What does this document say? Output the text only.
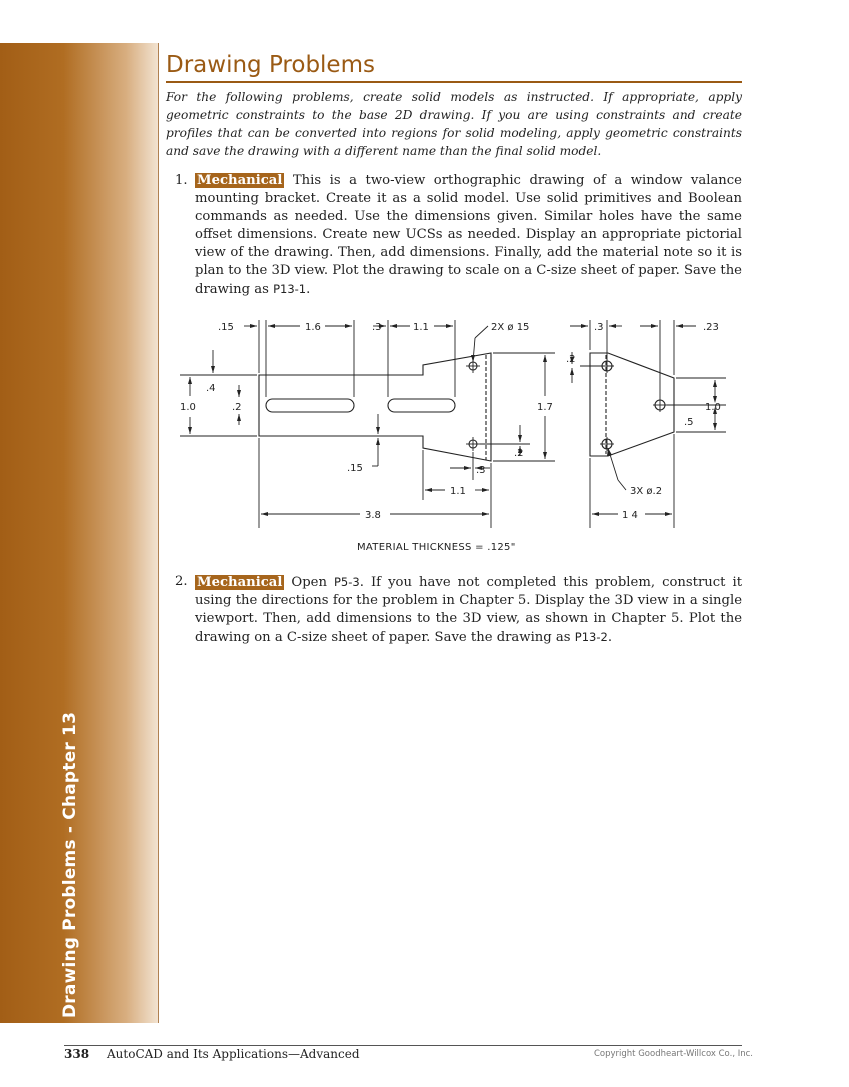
Drawing Problems - Chapter 13
Drawing Problems
For the following problems, create solid models as instructed. If appropriate, apply geometric constraints to the base 2D drawing. If you are using constraints and create profiles that can be converted into regions for solid modeling, apply geometric constraints and save the drawing with a different name than the final solid model.
1. Mechanical This is a two-view orthographic drawing of a window valance mounting bracket. Create it as a solid model. Use solid primitives and Boolean commands as needed. Use the dimensions given. Similar holes have the same offset dimensions. Create new UCSs as needed. Display an appropriate pictorial view of the drawing. Then, add dimensions. Finally, add the material note so it is plan to the 3D view. Plot the drawing to scale on a C-size sheet of paper. Save the drawing as P13-1.
.15	1.6	.3	1.1	2X ø 15	.3	.23
.2
.4
1.0	.2	1.7	1.0
.5
.2
.15	.3
1.1	3X ø.2
3.8	1 4
MATERIAL THICKNESS = .125"
2. Mechanical Open P5-3. If you have not completed this problem, construct it using the directions for the problem in Chapter 5. Display the 3D view in a single viewport. Then, add dimensions to the 3D view, as shown in Chapter 5. Plot the drawing on a C-size sheet of paper. Save the drawing as P13-2.
338 AutoCAD and Its Applications—Advanced	Copyright Goodheart-Willcox Co., Inc.
